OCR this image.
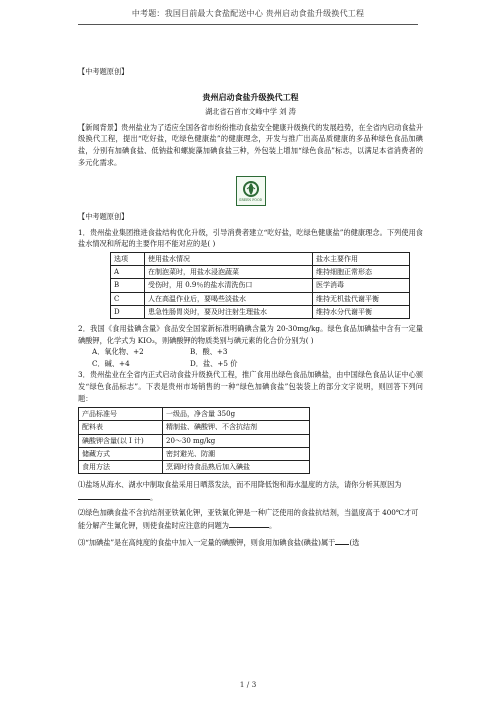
中考题：我国目前最大食盐配送中心 贵州启动食盐升级换代工程

【中考题原创】

贵州启动食盐升级换代工程
湖北省石首市文峰中学 刘 涛

【新闻背景】贵州盐业为了适应全国各省市纷纷推动食盐安全健康升级换代的发展趋势，在全省内启动食盐升级换代工程，提出“吃好盐，吃绿色健康盐”的健康理念，开发与推广出高品质健康的多品种绿色食品加碘盐，分别有加碘食盐、低钠盐和螺旋藻加碘食盐三种，外包装上增加“绿色食品”标志，以满足本省消费者的多元化需求。

GREEN FOOD

【中考题原创】

1．贵州盐业集团推进食盐结构优化升级，引导消费者建立“吃好盐，吃绿色健康盐”的健康理念。下列使用食盐水情况和所起的主要作用不能对应的是( )

选项	使用盐水情况	盐水主要作用
A	在制泡菜时，用盐水浸泡蔬菜	维持细胞正常形态
B	受伤时，用 0.9％的盐水清洗伤口	医学消毒
C	人在高温作业后，要喝些淡盐水	维持无机盐代谢平衡
D	患急性肠胃炎时，要及时注射生理盐水	维持水分代谢平衡

2．我国《食用盐碘含量》食品安全国家新标准明确碘含量为 20-30mg/kg。绿色食品加碘盐中含有一定量碘酸钾，化学式为 KIO₃，则碘酸钾的物质类别与碘元素的化合价分别为( )

A．氧化物、+2	B．酸、+3
C．碱、+4	D．盐、+5 价

3．贵州盐业在全省内正式启动食盐升级换代工程，推广食用出绿色食品加碘盐，由中国绿色食品认证中心颁发“绿色食品标志”。下表是贵州市场销售的一种“绿色加碘食盐”包装袋上的部分文字说明，则回答下列问题：

产品标准号	一级品，净含量 350g
配料表	精制盐、碘酸钾、不含抗结剂
碘酸钾含量(以 I 计)	20～30 mg/kg
储藏方式	密封避光、防潮
食用方法	烹调时待食品熟后加入碘盐

⑴盐场从海水、湖水中制取食盐采用日晒蒸发法，而不用降低饱和海水温度的方法，请你分析其原因为。

⑵绿色加碘食盐不含抗结剂亚铁氰化钾，亚铁氰化钾是一种广泛使用的食盐抗结剂，当温度高于 400℃才可能分解产生氰化钾，则使食盐时应注意的问题为	。

⑶“加碘盐”是在高纯度的食盐中加入一定量的碘酸钾，则食用加碘食盐(碘盐)属于 (选

1 / 3
